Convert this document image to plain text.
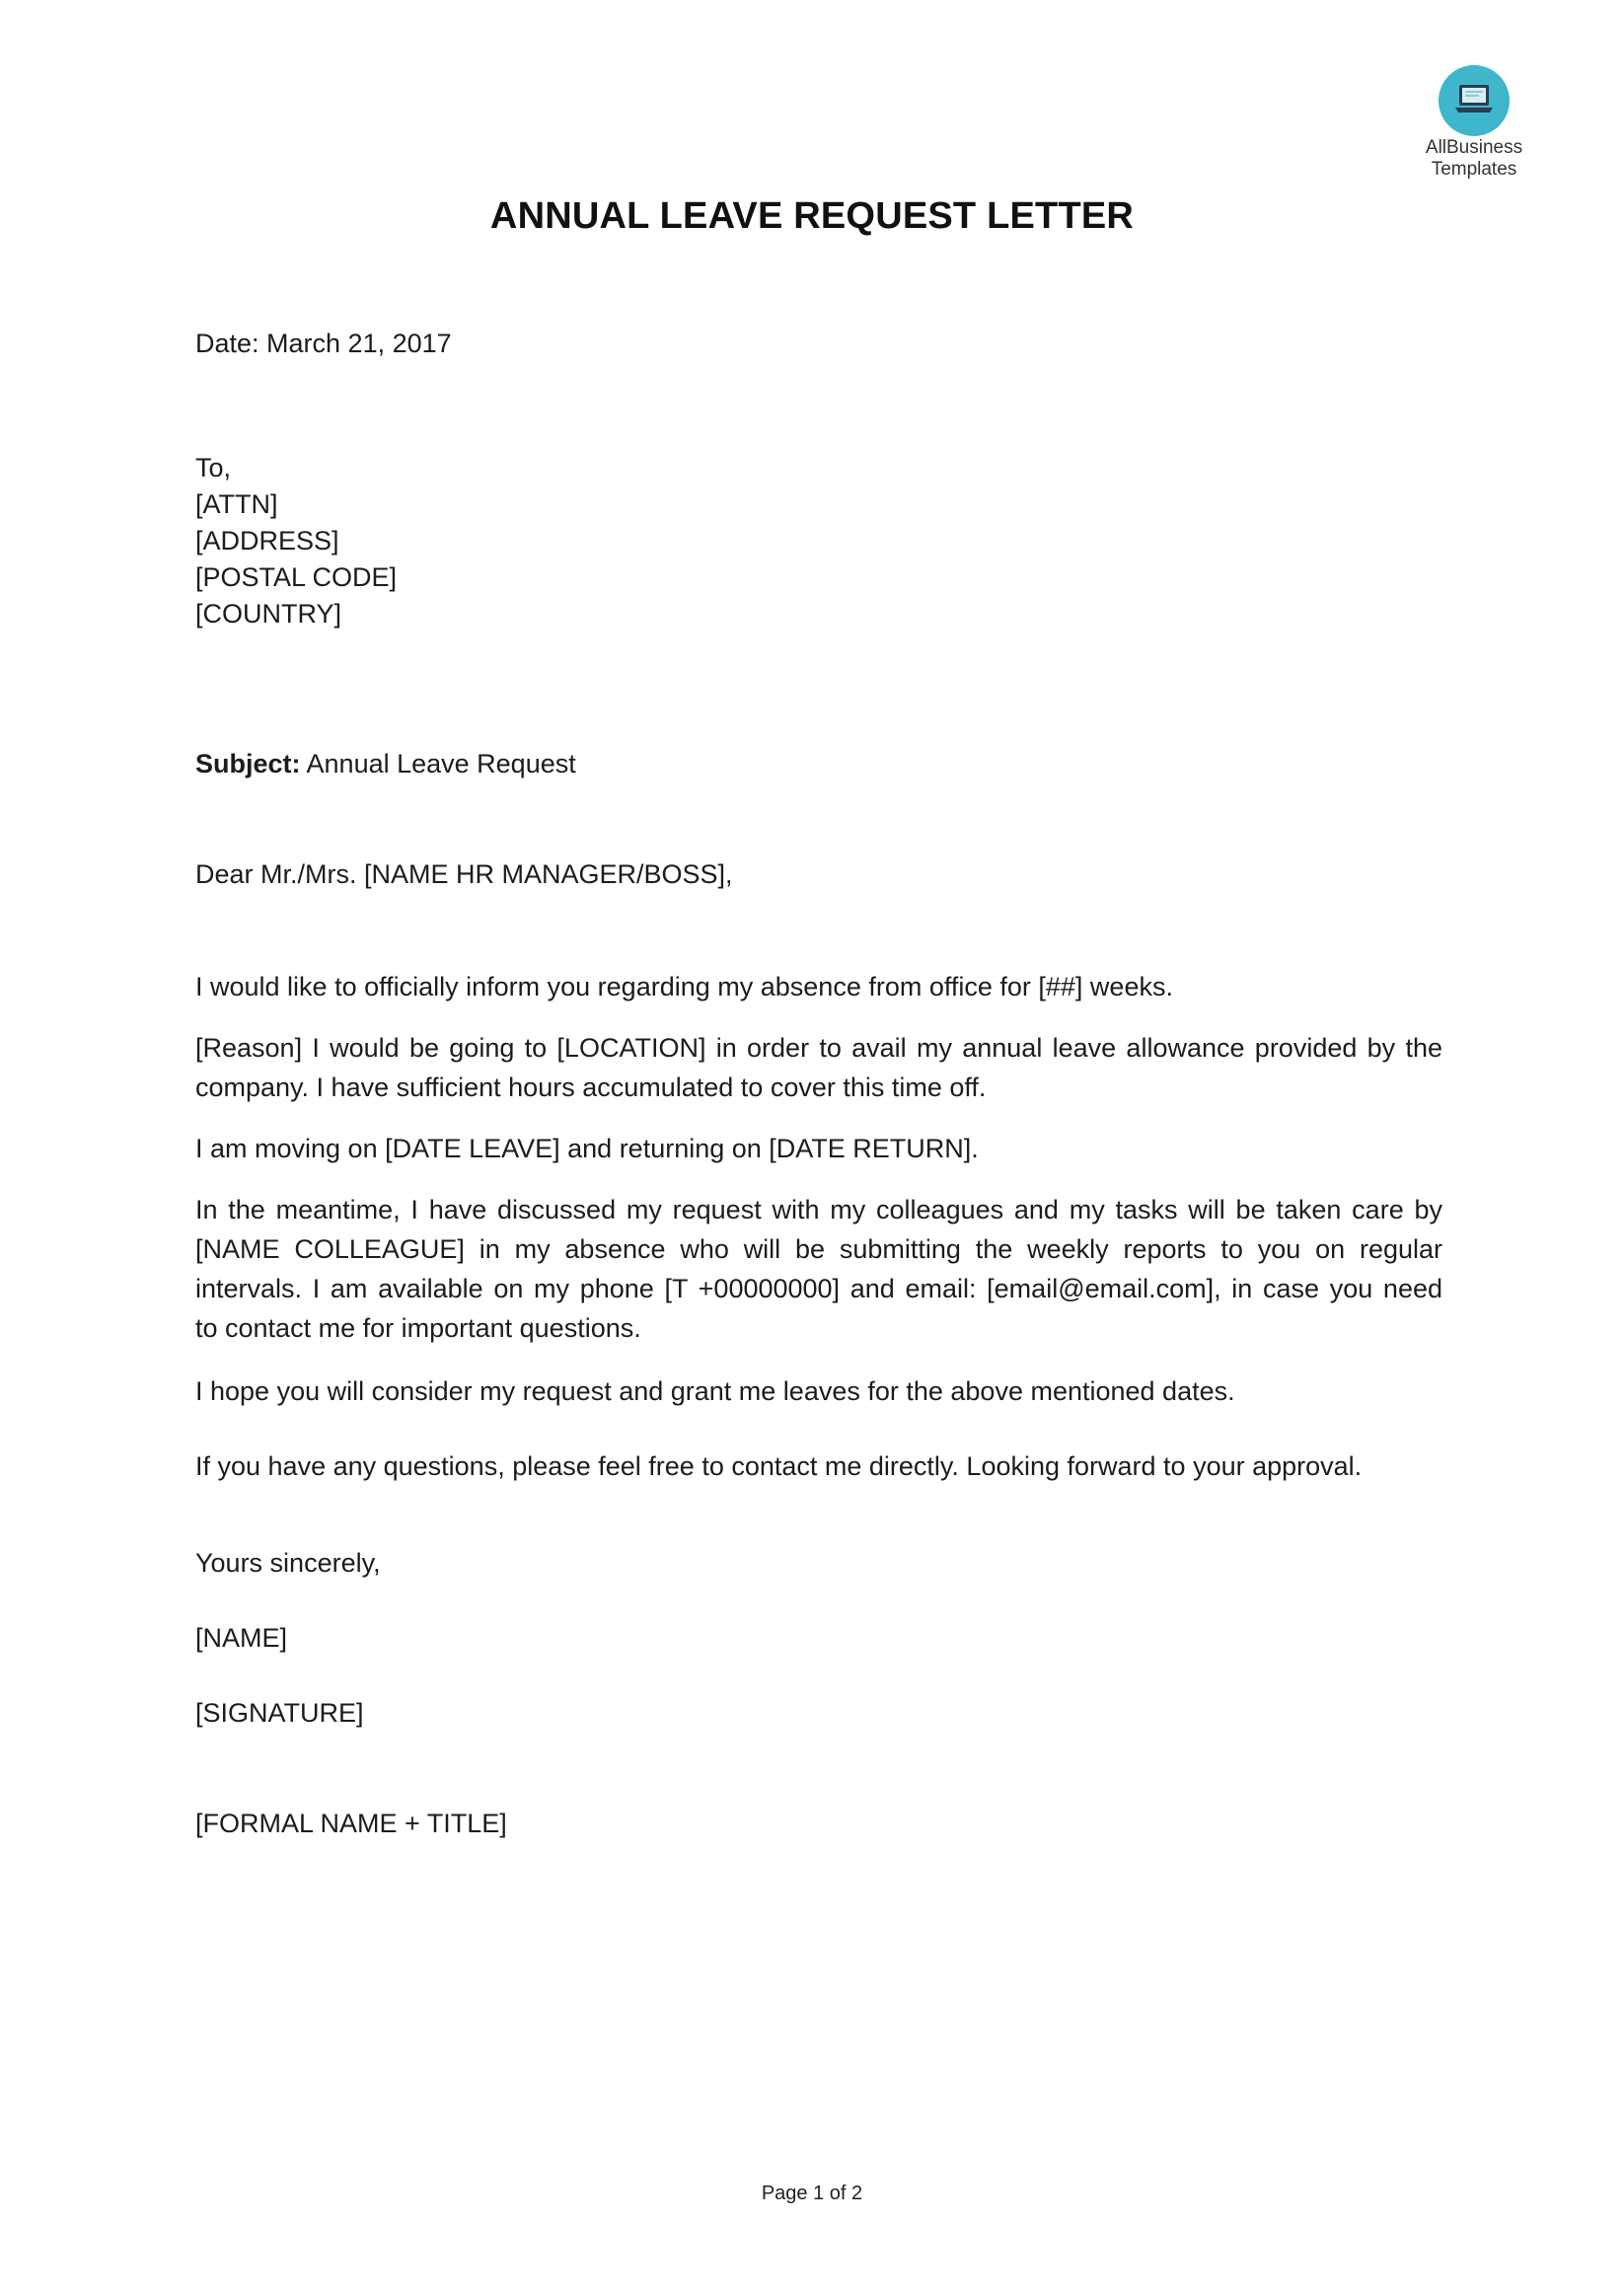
AllBusiness
Templates
ANNUAL LEAVE REQUEST LETTER
Date: March 21, 2017
To,
[ATTN]
[ADDRESS]
[POSTAL CODE]
[COUNTRY]
Subject: Annual Leave Request
Dear Mr./Mrs. [NAME HR MANAGER/BOSS],
I would like to officially inform you regarding my absence from office for [##] weeks.
[Reason] I would be going to [LOCATION] in order to avail my annual leave allowance provided by the
company. I have sufficient hours accumulated to cover this time off.
I am moving on [DATE LEAVE] and returning on [DATE RETURN].
In the meantime, I have discussed my request with my colleagues and my tasks will be taken care by
[NAME COLLEAGUE] in my absence who will be submitting the weekly reports to you on regular
intervals. I am available on my phone [T +00000000] and email: [email@email.com], in case you need
to contact me for important questions.
I hope you will consider my request and grant me leaves for the above mentioned dates.
If you have any questions, please feel free to contact me directly. Looking forward to your approval.
Yours sincerely,
[NAME]
[SIGNATURE]
[FORMAL NAME + TITLE]
Page 1 of 2
